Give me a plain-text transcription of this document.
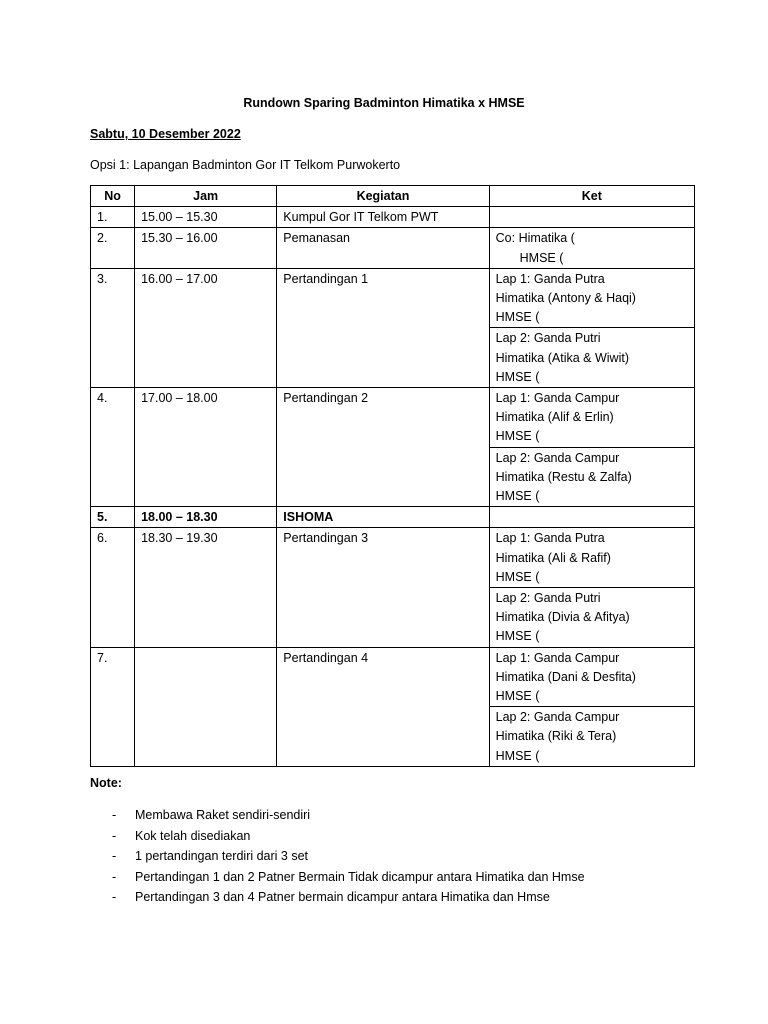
Rundown Sparing Badminton Himatika x HMSE
Sabtu, 10 Desember 2022
Opsi 1: Lapangan Badminton Gor IT Telkom Purwokerto
No	Jam	Kegiatan	Ket
1.	15.00 – 15.30	Kumpul Gor IT Telkom PWT	
2.	15.30 – 16.00	Pemanasan	Co: Himatika (
HMSE (

3.	16.00 – 17.00	Pertandingan 1	Lap 1: Ganda Putra
Himatika (Antony & Haqi)
HMSE (

			Lap 2: Ganda Putri
Himatika (Atika & Wiwit)
HMSE (

4.	17.00 – 18.00	Pertandingan 2	Lap 1: Ganda Campur
Himatika (Alif & Erlin)
HMSE (

			Lap 2: Ganda Campur
Himatika (Restu & Zalfa)
HMSE (

5.	18.00 – 18.30	ISHOMA	
6.	18.30 – 19.30	Pertandingan 3	Lap 1: Ganda Putra
Himatika (Ali & Rafif)
HMSE (

			Lap 2: Ganda Putri
Himatika (Divia & Afitya)
HMSE (

7.		Pertandingan 4	Lap 1: Ganda Campur
Himatika (Dani & Desfita)
HMSE (

			Lap 2: Ganda Campur
Himatika (Riki & Tera)
HMSE (
Note:
- Membawa Raket sendiri-sendiri
- Kok telah disediakan
- 1 pertandingan terdiri dari 3 set
- Pertandingan 1 dan 2 Patner Bermain Tidak dicampur antara Himatika dan Hmse
- Pertandingan 3 dan 4 Patner bermain dicampur antara Himatika dan Hmse
